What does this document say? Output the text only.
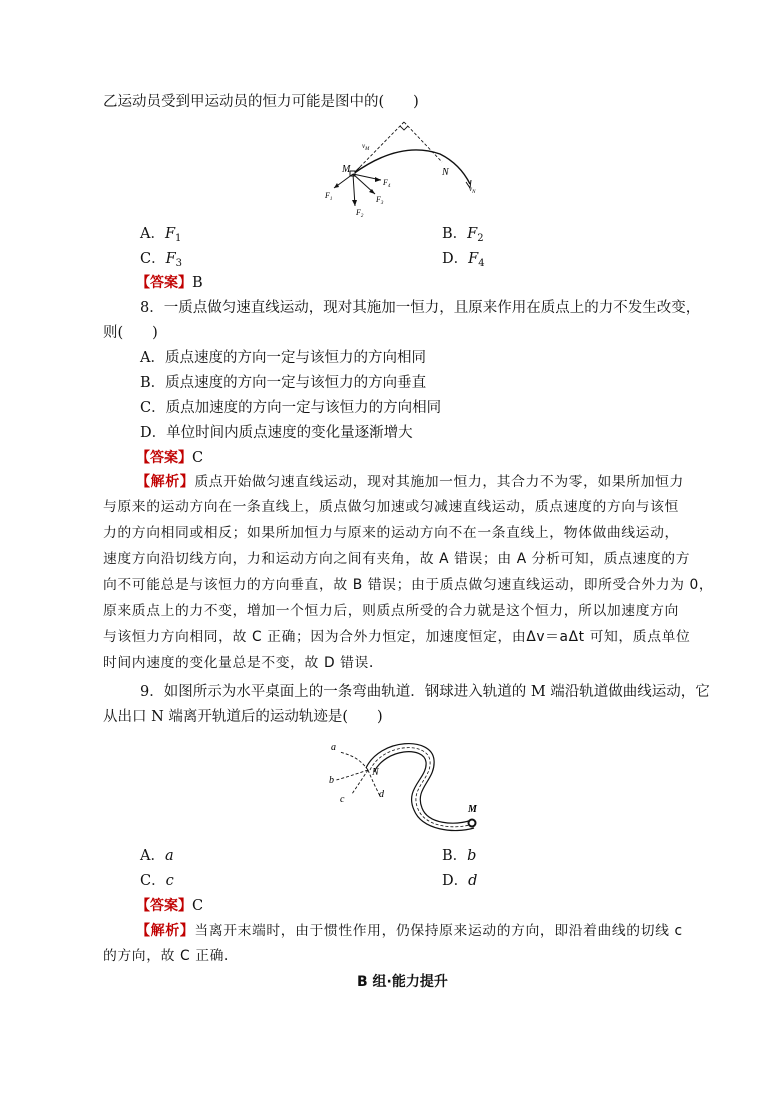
乙运动员受到甲运动员的恒力可能是图中的(　　)
M	N
$v_M$
$v_N$
$F_1$
$F_2$
$F_3$
$F_4$
A．$F_1$	B．$F_2$
C．$F_3$	D．$F_4$
【答案】B
8．一质点做匀速直线运动，现对其施加一恒力，且原来作用在质点上的力不发生改变，
则(　　)
A．质点速度的方向一定与该恒力的方向相同
B．质点速度的方向一定与该恒力的方向垂直
C．质点加速度的方向一定与该恒力的方向相同
D．单位时间内质点速度的变化量逐渐增大
【答案】C
【解析】质点开始做匀速直线运动，现对其施加一恒力，其合力不为零，如果所加恒力
与原来的运动方向在一条直线上，质点做匀加速或匀减速直线运动，质点速度的方向与该恒
力的方向相同或相反；如果所加恒力与原来的运动方向不在一条直线上，物体做曲线运动，
速度方向沿切线方向，力和运动方向之间有夹角，故 A 错误；由 A 分析可知，质点速度的方
向不可能总是与该恒力的方向垂直，故 B 错误；由于质点做匀速直线运动，即所受合外力为 0，
原来质点上的力不变，增加一个恒力后，则质点所受的合力就是这个恒力，所以加速度方向
与该恒力方向相同，故 C 正确；因为合外力恒定，加速度恒定，由Δv＝aΔt 可知，质点单位
时间内速度的变化量总是不变，故 D 错误．
9．如图所示为水平桌面上的一条弯曲轨道．钢球进入轨道的 M 端沿轨道做曲线运动，它
从出口 N 端离开轨道后的运动轨迹是(　　)
a
b
c	d
N
M
A．a	B．b
C．c	D．d
【答案】C
【解析】当离开末端时，由于惯性作用，仍保持原来运动的方向，即沿着曲线的切线 c
的方向，故 C 正确．
B 组·能力提升
